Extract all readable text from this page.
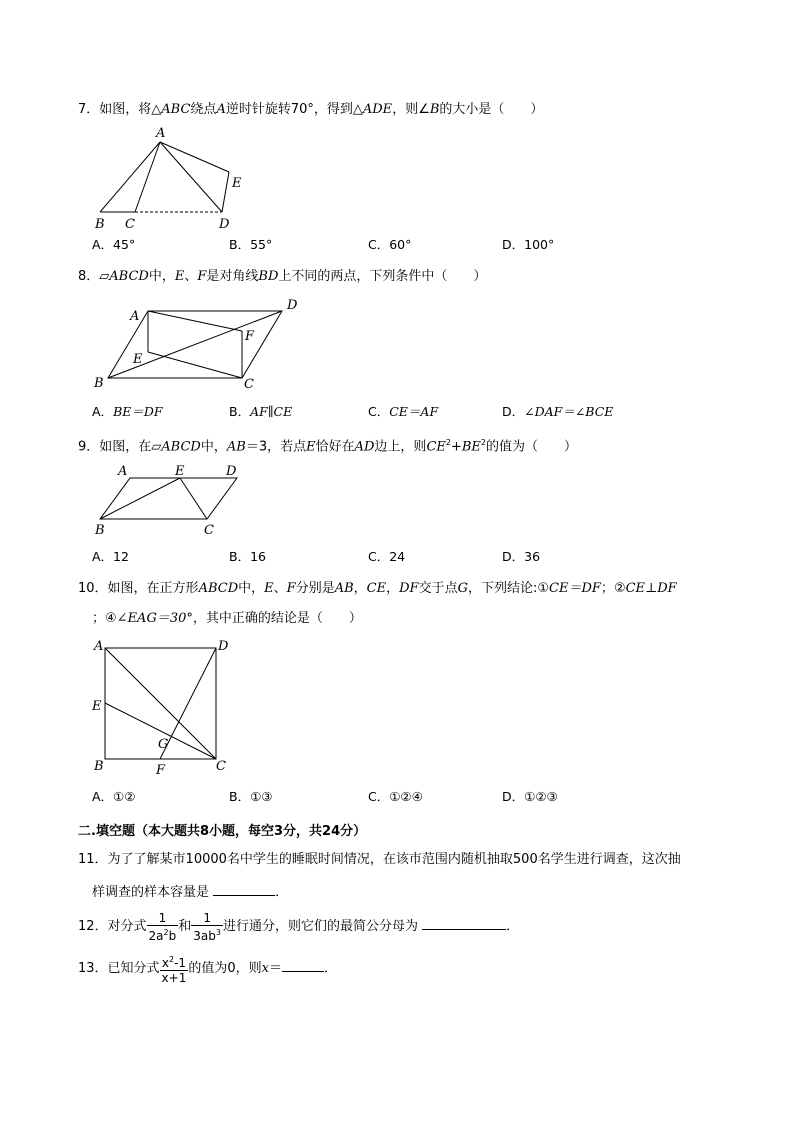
7．如图，将△ABC绕点A逆时针旋转70°，得到△ADE，则∠B的大小是（　　）
A
B C	D
E
A．45°	B．55°	C．60°	D．100°
8．▱ABCD中，E、F是对角线BD上不同的两点，下列条件中（　　）
A
B	C
D
E
F
A．BE＝DF	B．AF∥CE	C．CE＝AF	D．∠DAF＝∠BCE
9．如图，在▱ABCD中，AB＝3，若点E恰好在AD边上，则$CE^2+BE^2$的值为（　　）
A
B	C
D
E
A．12	B．16	C．24	D．36
10．如图，在正方形ABCD中，E、F分别是AB，CE，DF交于点G，下列结论:①CE＝DF；②CE⊥DF
；④∠EAG＝30°，其中正确的结论是（　　）
A
B	C
D
E
F
G
A．①②	B．①③	C．①②④	D．①②③
二.填空题（本大题共8小题，每空3分，共24分）
11．为了了解某市10000名中学生的睡眠时间情况，在该市范围内随机抽取500名学生进行调查，这次抽
样调查的样本容量是	．
12．对分式 $\frac{1}{2a^2b}$ 和 $\frac{1}{3ab^3}$ 进行通分，则它们的最简公分母为	．
13．已知分式 $\frac{x^2-1}{x+1}$ 的值为0，则x＝	．
